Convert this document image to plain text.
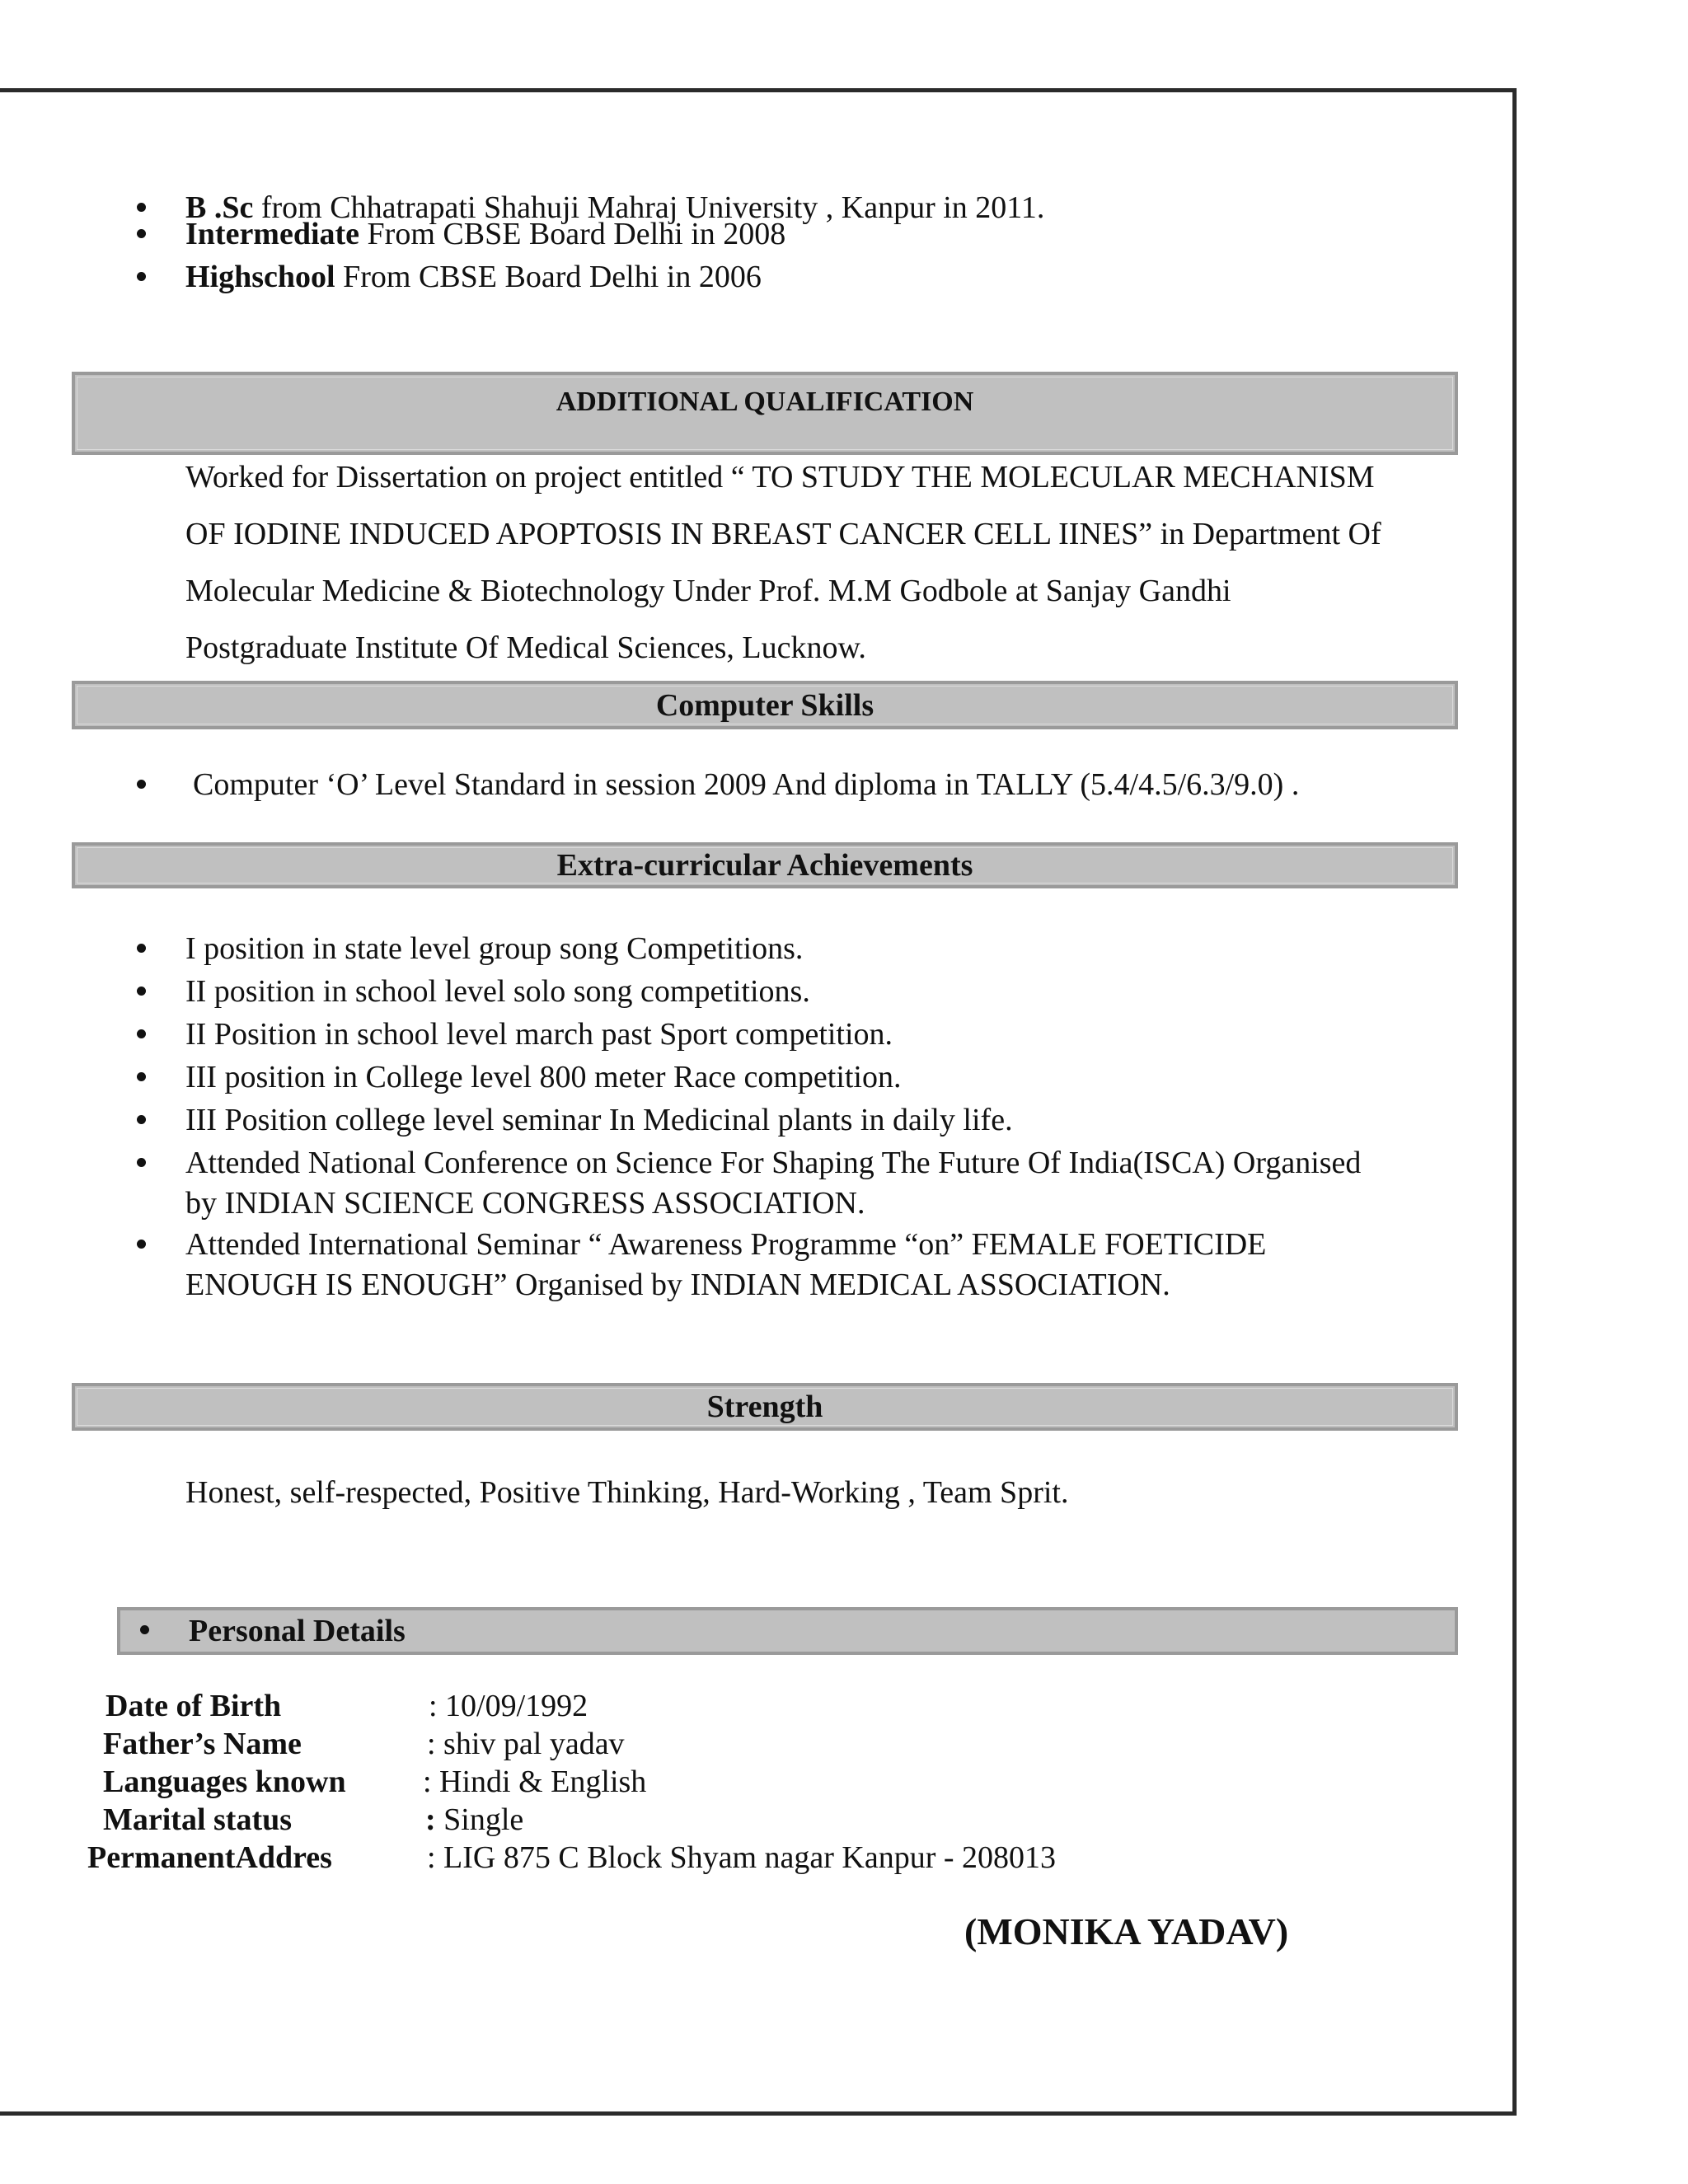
B .Sc from Chhatrapati Shahuji Mahraj University , Kanpur in 2011.
Intermediate From CBSE Board Delhi in 2008
Highschool From CBSE Board Delhi in 2006
ADDITIONAL QUALIFICATION
Worked for Dissertation on project entitled “ TO STUDY THE MOLECULAR MECHANISM
OF IODINE INDUCED APOPTOSIS IN BREAST CANCER CELL IINES” in Department Of
Molecular Medicine & Biotechnology Under Prof. M.M Godbole at Sanjay Gandhi
Postgraduate Institute Of Medical Sciences, Lucknow.
Computer Skills
Computer ‘O’ Level Standard in session 2009 And diploma in TALLY (5.4/4.5/6.3/9.0) .
Extra-curricular Achievements
I position in state level group song Competitions.
II position in school level solo song competitions.
II Position in school level march past Sport competition.
III position in College level 800 meter Race competition.
III Position college level seminar In Medicinal plants in daily life.
Attended National Conference on Science For Shaping The Future Of India(ISCA) Organised
by INDIAN SCIENCE CONGRESS ASSOCIATION.
Attended International Seminar “ Awareness Programme “on” FEMALE FOETICIDE
ENOUGH IS ENOUGH” Organised by INDIAN MEDICAL ASSOCIATION.
Strength
Honest, self-respected, Positive Thinking, Hard-Working , Team Sprit.
Personal Details
Date of Birth	: 10/09/1992
Father’s Name	: shiv pal yadav
Languages known : Hindi & English
Marital status	: Single
PermanentAddres	: LIG 875 C Block Shyam nagar Kanpur - 208013
(MONIKA YADAV)
